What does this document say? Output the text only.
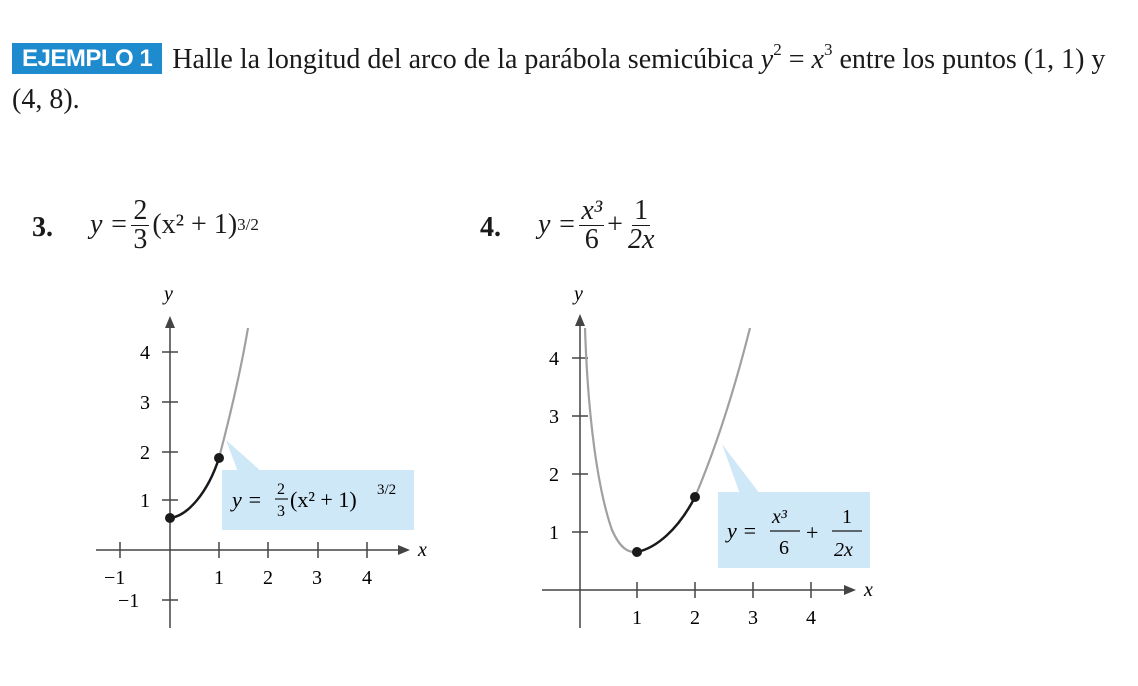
EJEMPLO 1 Halle la longitud del arco de la parábola semicúbica $y^2 = x^3$ entre los puntos (1, 1) y (4, 8).
3. $y = \frac{2}{3} (x^2 + 1)$ 3/2	4. $y = \frac{\text{x³}}{6} + \frac{1}{2x}$
−1	1 2 3 4
4
3
2
1
−1
y
x
y = 2
3 (x² + 1) 3/2
1 2 3 4
4
3
2
1
y
x
y =
x³
6
+
1
2x
